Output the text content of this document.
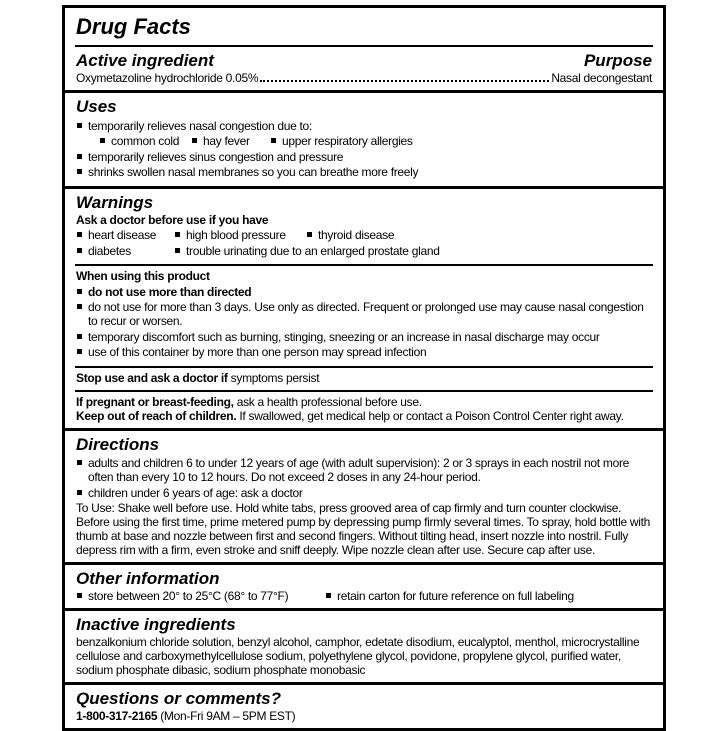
Drug Facts
Active ingredient	Purpose
Oxymetazoline hydrochloride 0.05%	Nasal decongestant
Uses
temporarily relieves nasal congestion due to:
common cold hay fever	upper respiratory allergies
temporarily relieves sinus congestion and pressure
shrinks swollen nasal membranes so you can breathe more freely
Warnings
Ask a doctor before use if you have
heart disease high blood pressure	thyroid disease
diabetes	trouble urinating due to an enlarged prostate gland
When using this product
do not use more than directed
do not use for more than 3 days. Use only as directed. Frequent or prolonged use may cause nasal congestion to recur or worsen.
temporary discomfort such as burning, stinging, sneezing or an increase in nasal discharge may occur
use of this container by more than one person may spread infection
Stop use and ask a doctor if symptoms persist
If pregnant or breast-feeding, ask a health professional before use.
Keep out of reach of children. If swallowed, get medical help or contact a Poison Control Center right away.
Directions
adults and children 6 to under 12 years of age (with adult supervision): 2 or 3 sprays in each nostril not more often than every 10 to 12 hours. Do not exceed 2 doses in any 24-hour period.
children under 6 years of age: ask a doctor
To Use: Shake well before use. Hold white tabs, press grooved area of cap firmly and turn counter clockwise. Before using the first time, prime metered pump by depressing pump firmly several times. To spray, hold bottle with thumb at base and nozzle between first and second fingers. Without tilting head, insert nozzle into nostril. Fully depress rim with a firm, even stroke and sniff deeply. Wipe nozzle clean after use. Secure cap after use.
Other information
store between 20° to 25°C (68° to 77°F)	retain carton for future reference on full labeling
Inactive ingredients
benzalkonium chloride solution, benzyl alcohol, camphor, edetate disodium, eucalyptol, menthol, microcrystalline cellulose and carboxymethylcellulose sodium, polyethylene glycol, povidone, propylene glycol, purified water, sodium phosphate dibasic, sodium phosphate monobasic
Questions or comments?
1-800-317-2165 (Mon-Fri 9AM – 5PM EST)
